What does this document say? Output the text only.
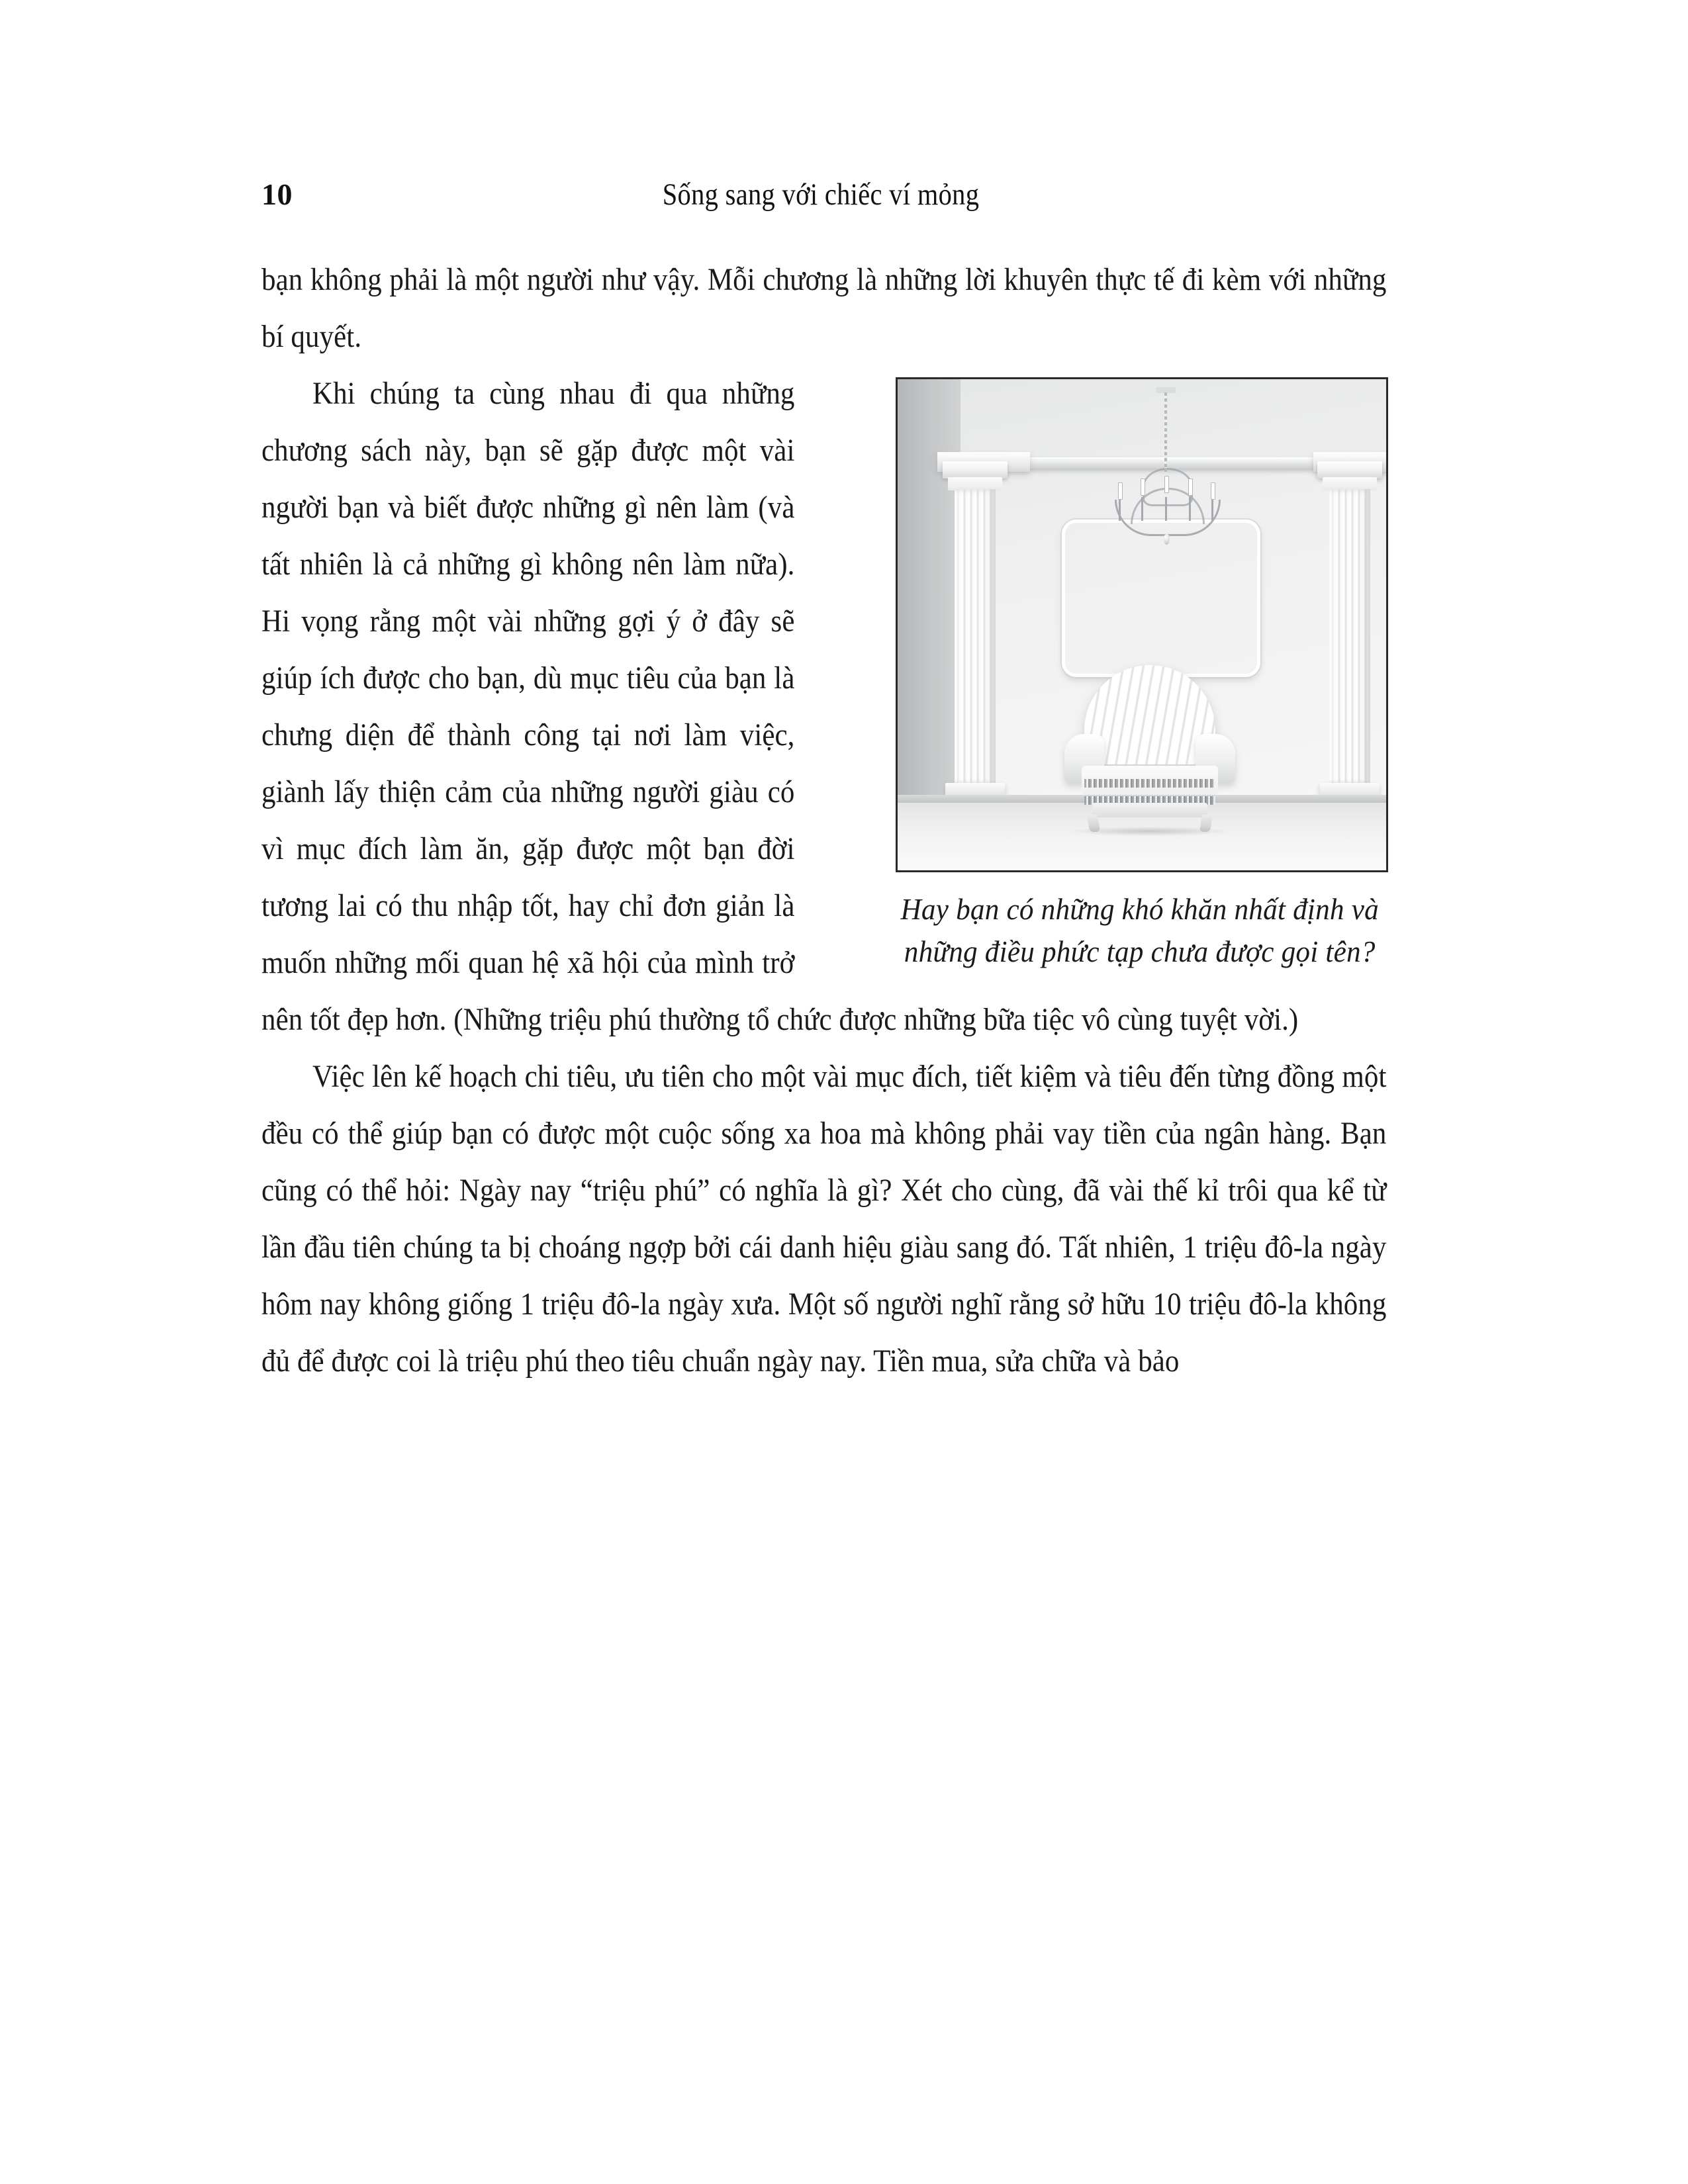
10	Sống sang với chiếc ví mỏng

bạn không phải là một người như vậy. Mỗi chương là những lời khuyên thực tế đi kèm với những bí quyết.

Hay bạn có những khó khăn nhất định và những điều phức tạp chưa được gọi tên?

Khi chúng ta cùng nhau đi qua những chương sách này, bạn sẽ gặp được một vài người bạn và biết được những gì nên làm (và tất nhiên là cả những gì không nên làm nữa). Hi vọng rằng một vài những gợi ý ở đây sẽ giúp ích được cho bạn, dù mục tiêu của bạn là chưng diện để thành công tại nơi làm việc, giành lấy thiện cảm của những người giàu có vì mục đích làm ăn, gặp được một bạn đời tương lai có thu nhập tốt, hay chỉ đơn giản là muốn những mối quan hệ xã hội của mình trở nên tốt đẹp hơn. (Những triệu phú thường tổ chức được những bữa tiệc vô cùng tuyệt vời.)

Việc lên kế hoạch chi tiêu, ưu tiên cho một vài mục đích, tiết kiệm và tiêu đến từng đồng một đều có thể giúp bạn có được một cuộc sống xa hoa mà không phải vay tiền của ngân hàng. Bạn cũng có thể hỏi: Ngày nay “triệu phú” có nghĩa là gì? Xét cho cùng, đã vài thế kỉ trôi qua kể từ lần đầu tiên chúng ta bị choáng ngợp bởi cái danh hiệu giàu sang đó. Tất nhiên, 1 triệu đô-la ngày hôm nay không giống 1 triệu đô-la ngày xưa. Một số người nghĩ rằng sở hữu 10 triệu đô-la không đủ để được coi là triệu phú theo tiêu chuẩn ngày nay. Tiền mua, sửa chữa và bảo
